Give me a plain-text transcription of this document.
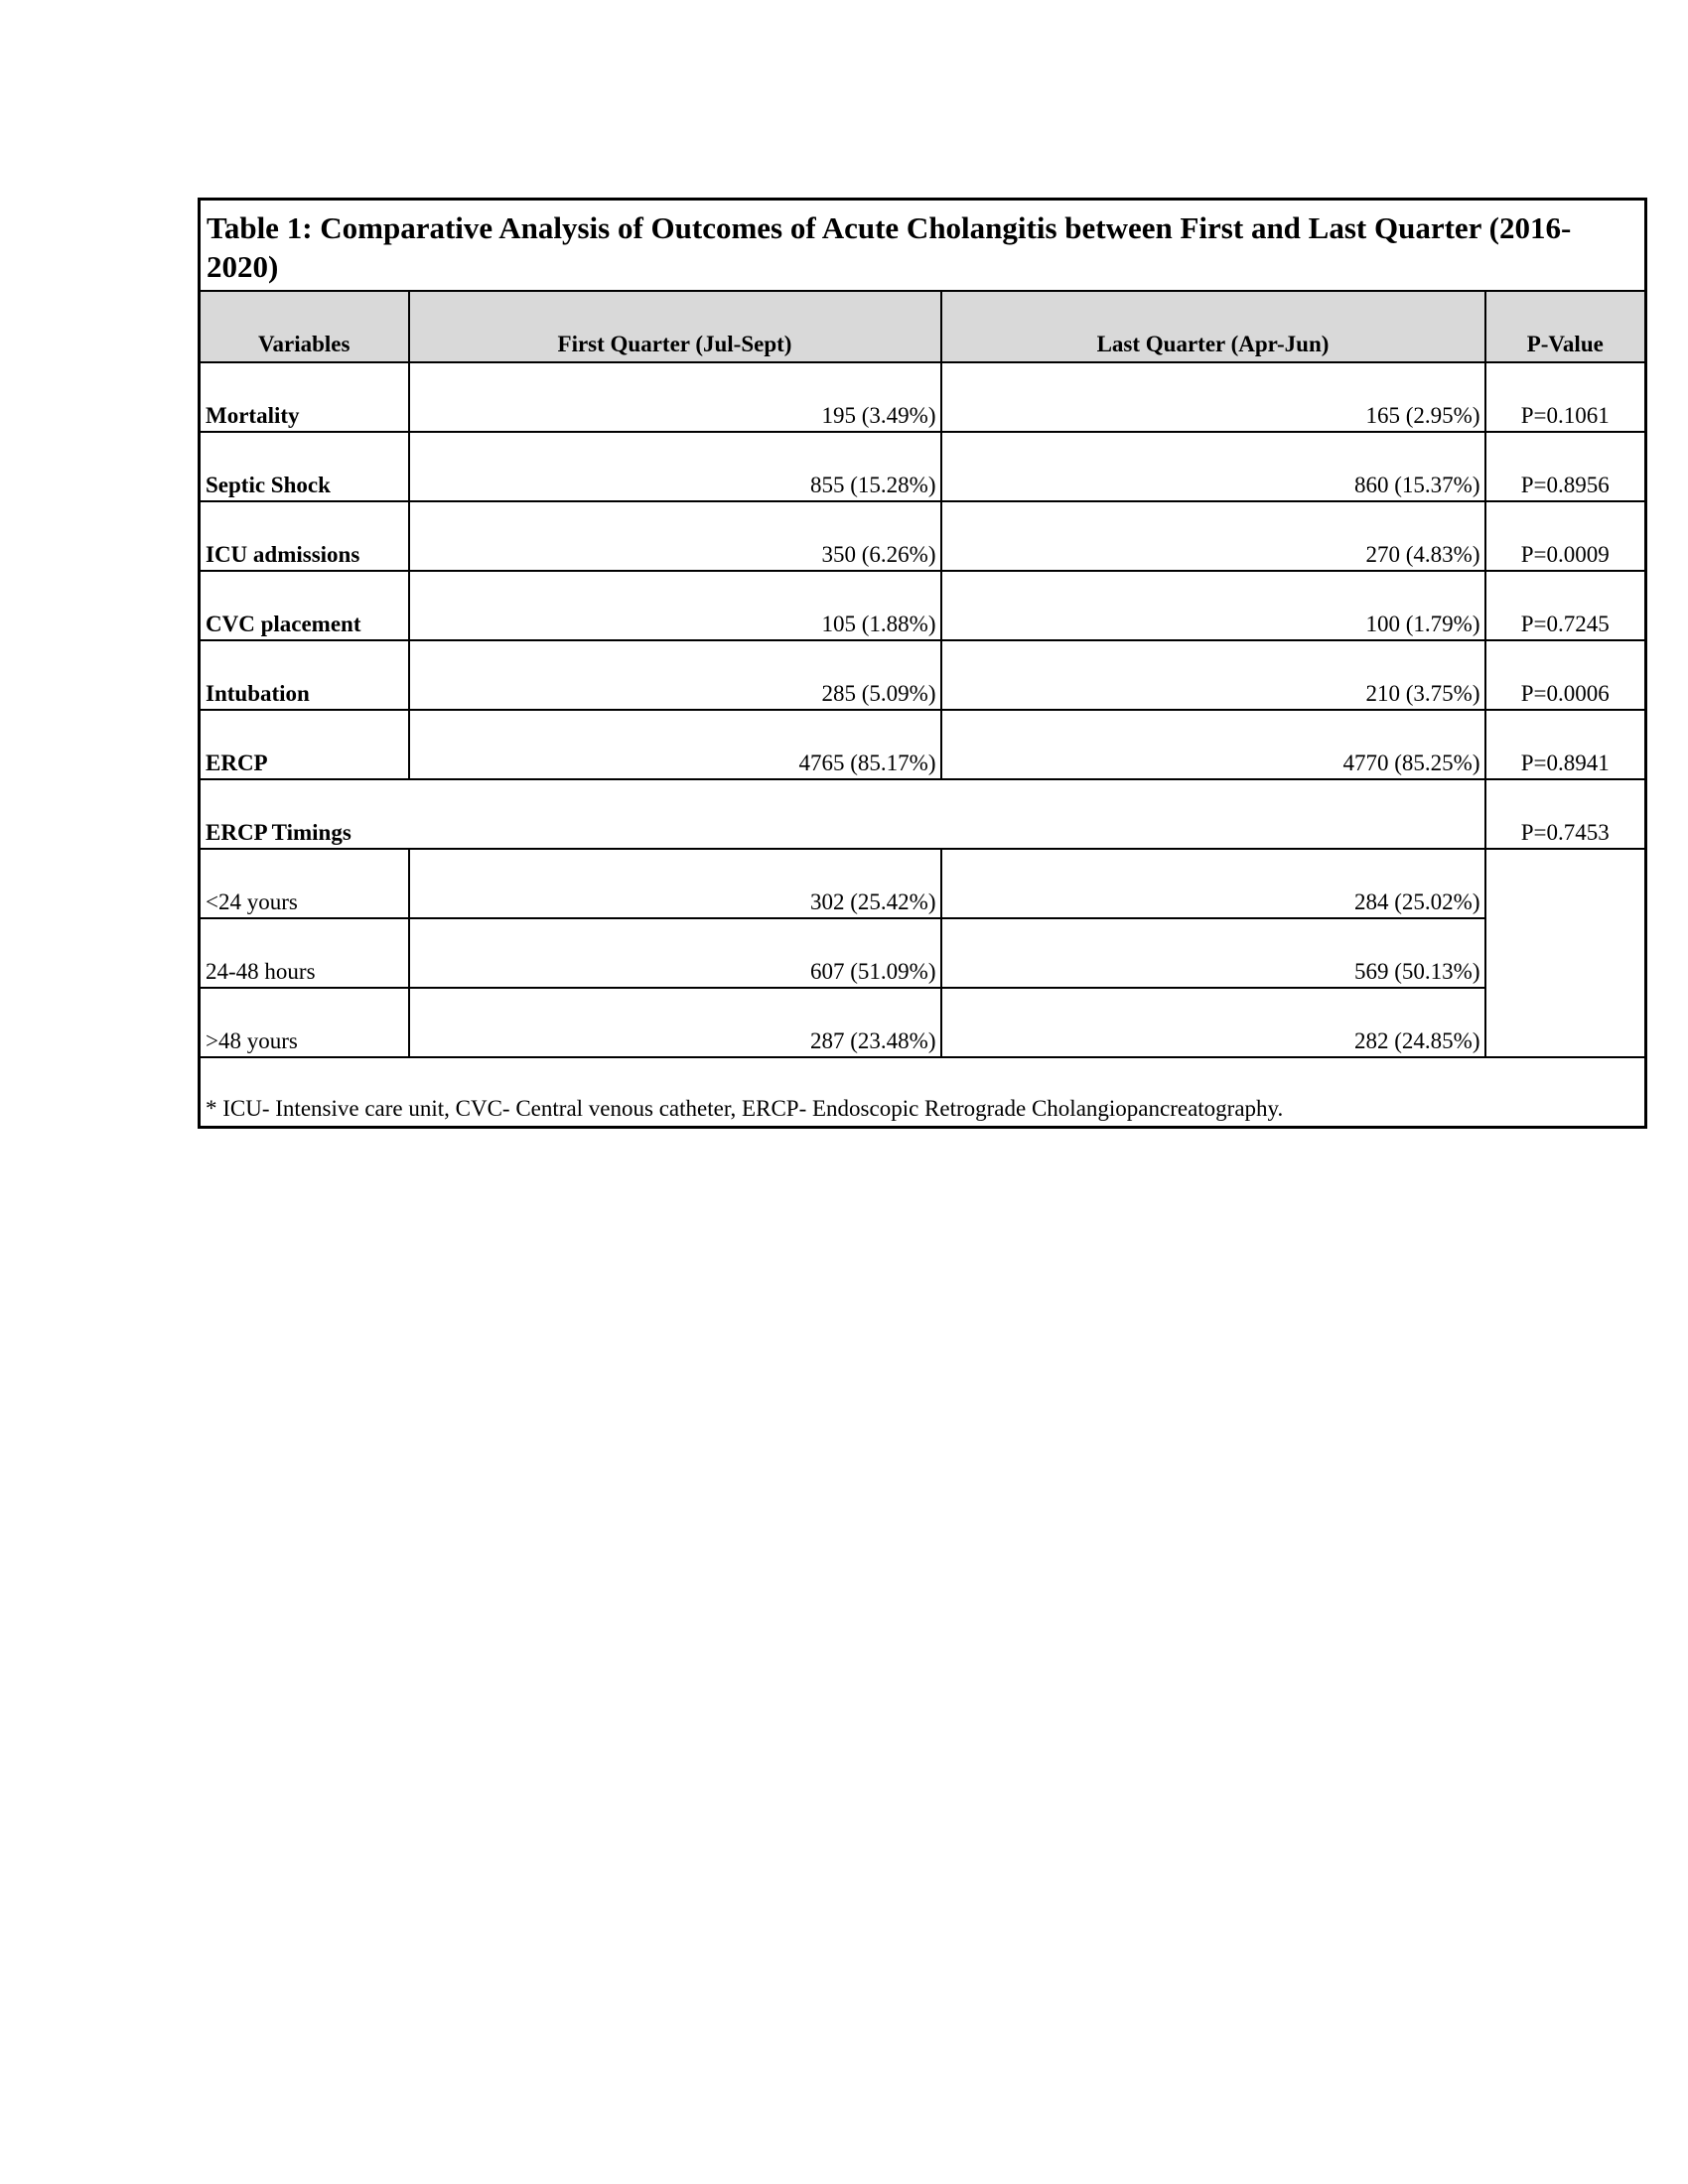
Table 1: Comparative Analysis of Outcomes of Acute Cholangitis between First and Last Quarter (2016-2020)			
Variables	First Quarter (Jul-Sept)	Last Quarter (Apr-Jun)	P-Value
Mortality	195 (3.49%)	165 (2.95%)	P=0.1061
Septic Shock	855 (15.28%)	860 (15.37%)	P=0.8956
ICU admissions	350 (6.26%)	270 (4.83%)	P=0.0009
CVC placement	105 (1.88%)	100 (1.79%)	P=0.7245
Intubation	285 (5.09%)	210 (3.75%)	P=0.0006
ERCP	4765 (85.17%)	4770 (85.25%)	P=0.8941
ERCP Timings			P=0.7453
<24 yours	302 (25.42%)	284 (25.02%)	
24-48 hours	607 (51.09%)	569 (50.13%)	
>48 yours	287 (23.48%)	282 (24.85%)	
* ICU- Intensive care unit, CVC- Central venous catheter, ERCP- Endoscopic Retrograde Cholangiopancreatography.			
